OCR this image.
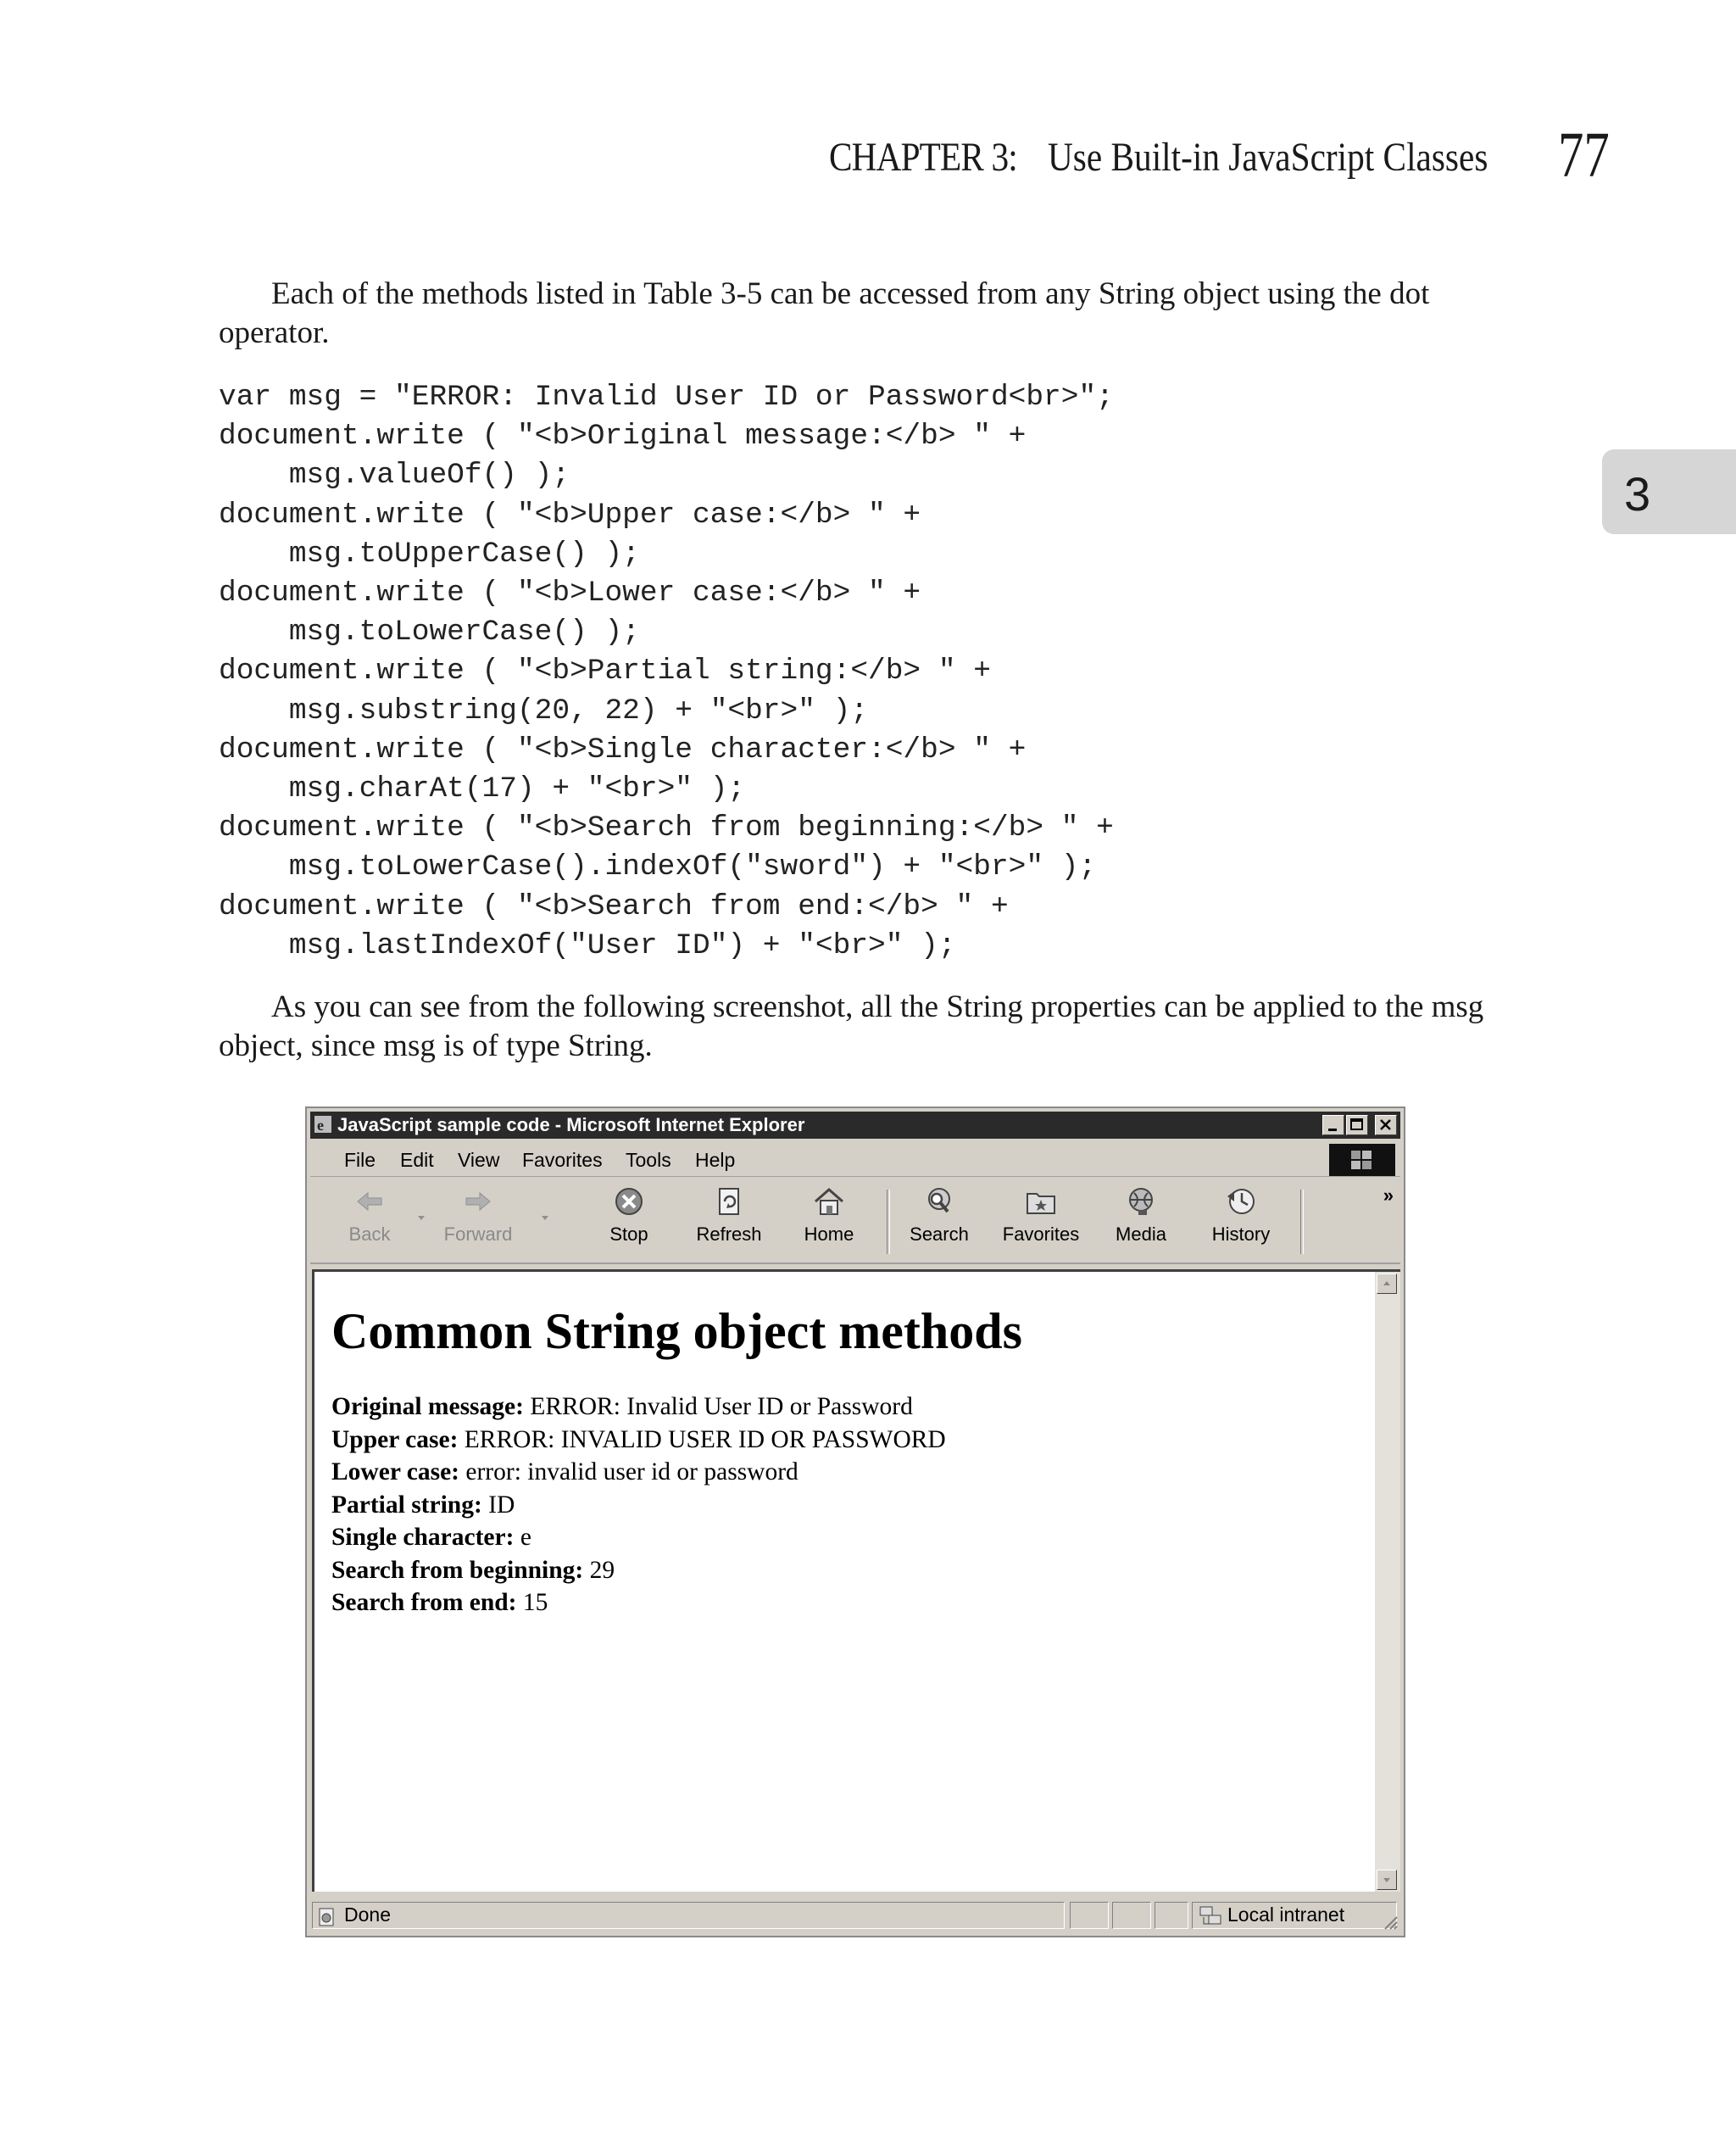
CHAPTER 3: Use Built-in JavaScript Classes 77
3
Each of the methods listed in Table 3-5 can be accessed from any String object using the dot operator.
var msg = "ERROR: Invalid User ID or Password<br>";
document.write ( "<b>Original message:</b> " +
msg.valueOf() );
document.write ( "<b>Upper case:</b> " +
msg.toUpperCase() );
document.write ( "<b>Lower case:</b> " +
msg.toLowerCase() );
document.write ( "<b>Partial string:</b> " +
msg.substring(20, 22) + "<br>" );
document.write ( "<b>Single character:</b> " +
msg.charAt(17) + "<br>" );
document.write ( "<b>Search from beginning:</b> " +
msg.toLowerCase().indexOf("sword") + "<br>" );
document.write ( "<b>Search from end:</b> " +
msg.lastIndexOf("User ID") + "<br>" );
As you can see from the following screenshot, all the String properties can be applied to the msg object, since msg is of type String.
e JavaScript sample code - Microsoft Internet Explorer
File Edit View Favorites Tools Help
Back	Forward	Stop	Refresh	Home	Search	Favorites	Media	History
»
Common String object methods
Original message: ERROR: Invalid User ID or Password
Upper case: ERROR: INVALID USER ID OR PASSWORD
Lower case: error: invalid user id or password
Partial string: ID
Single character: e
Search from beginning: 29
Search from end: 15
Done	Local intranet
